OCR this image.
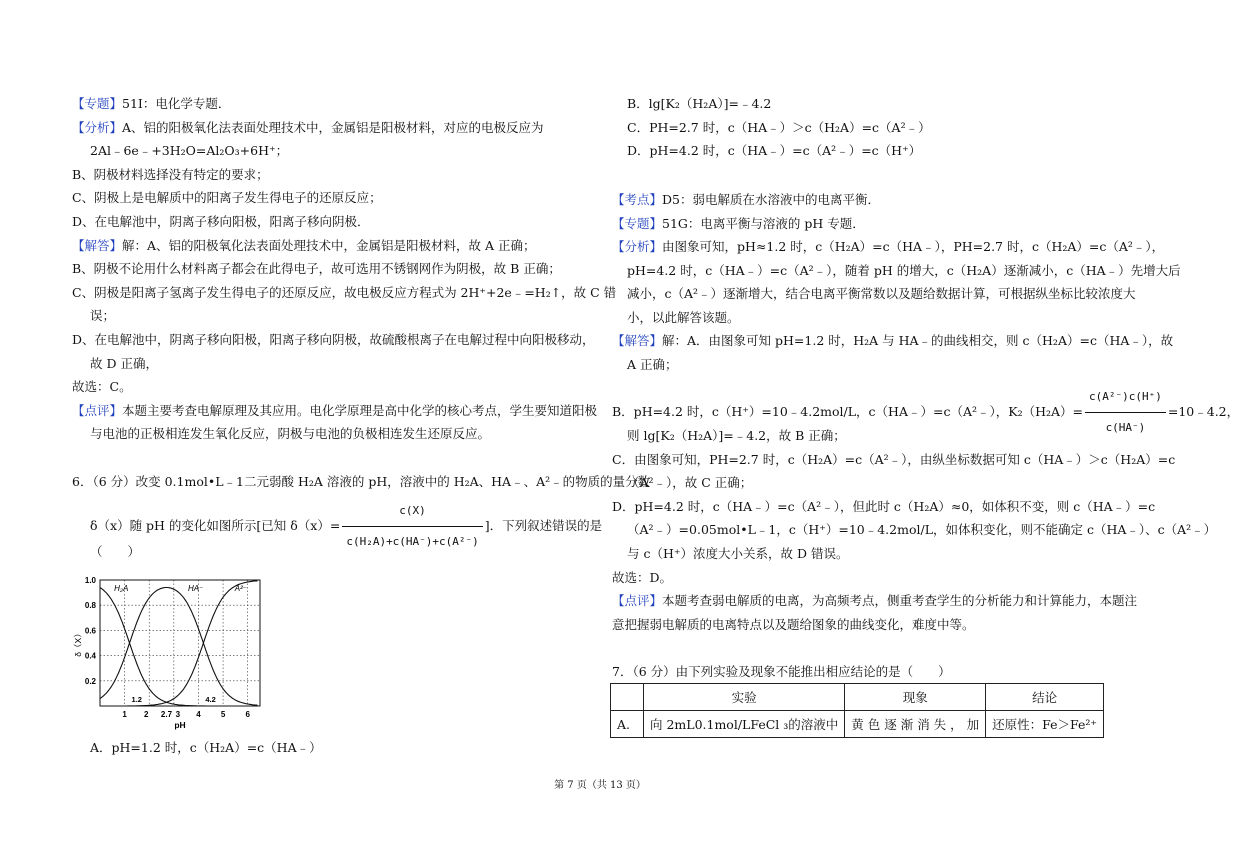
【专题】51I：电化学专题．
【分析】A、铝的阳极氧化法表面处理技术中，金属铝是阳极材料，对应的电极反应为
2Al﹣6e﹣+3H₂O=Al₂O₃+6H⁺；
B、阴极材料选择没有特定的要求；
C、阴极上是电解质中的阳离子发生得电子的还原反应；
D、在电解池中，阴离子移向阳极，阳离子移向阴极．
【解答】解：A、铝的阳极氧化法表面处理技术中，金属铝是阳极材料，故 A 正确；
B、阴极不论用什么材料离子都会在此得电子，故可选用不锈钢网作为阴极，故 B 正确；
C、阴极是阳离子氢离子发生得电子的还原反应，故电极反应方程式为 2H⁺+2e﹣=H₂↑，故 C 错
误；
D、在电解池中，阴离子移向阳极，阳离子移向阴极，故硫酸根离子在电解过程中向阳极移动，
故 D 正确，
故选：C。
【点评】本题主要考查电解原理及其应用。电化学原理是高中化学的核心考点，学生要知道阳极
与电池的正极相连发生氧化反应，阴极与电池的负极相连发生还原反应。
6．（6 分）改变 0.1mol•L﹣1二元弱酸 H₂A 溶液的 pH，溶液中的 H₂A、HA﹣、A²﹣的物质的量分数
δ（x）随 pH 的变化如图所示[已知 $\delta(x)= \frac{c(X)}{\text{c(H₂A)+c(HA⁻)+c(A²⁻)}}$ ]．下列叙述错误的是
（　　）
0.2
0.4
0.6
0.8
1.0
1 2 2.7 3 4	5	6
1.2	4.2
pH
δ（X）
H₂A	HA⁻	A²⁻
A．pH=1.2 时，c（H₂A）=c（HA﹣）
B．lg[K₂（H₂A）]=﹣4.2
C．PH=2.7 时，c（HA﹣）＞c（H₂A）=c（A²﹣）
D．pH=4.2 时，c（HA﹣）=c（A²﹣）=c（H⁺）
【考点】D5：弱电解质在水溶液中的电离平衡．
【专题】51G：电离平衡与溶液的 pH 专题．
【分析】由图象可知，pH≈1.2 时，c（H₂A）=c（HA﹣），PH=2.7 时，c（H₂A）=c（A²﹣），
pH=4.2 时，c（HA﹣）=c（A²﹣），随着 pH 的增大，c（H₂A）逐渐减小，c（HA﹣）先增大后
减小，c（A²﹣）逐渐增大，结合电离平衡常数以及题给数据计算，可根据纵坐标比较浓度大
小，以此解答该题。
【解答】解：A．由图象可知 pH=1.2 时，H₂A 与 HA﹣的曲线相交，则 c（H₂A）=c（HA﹣），故
A 正确；
B．pH=4.2 时，c（H⁺）=10﹣4.2mol/L，c（HA﹣）=c（A²﹣），$K_2(H_2A)= \frac{\text{c(A²⁻)c(H⁺)}}{c(HA^-)}$ =10﹣4.2，
则 lg[K₂（H₂A）]=﹣4.2，故 B 正确；
C．由图象可知，PH=2.7 时，c（H₂A）=c（A²﹣），由纵坐标数据可知 c（HA﹣）＞c（H₂A）=c
（A²﹣），故 C 正确；
D．pH=4.2 时，c（HA﹣）=c（A²﹣），但此时 c（H₂A）≈0，如体积不变，则 c（HA﹣）=c
（A²﹣）=0.05mol•L﹣1，c（H⁺）=10﹣4.2mol/L，如体积变化，则不能确定 c（HA﹣）、c（A²﹣）
与 c（H⁺）浓度大小关系，故 D 错误。
故选：D。
【点评】本题考查弱电解质的电离，为高频考点，侧重考查学生的分析能力和计算能力，本题注
意把握弱电解质的电离特点以及题给图象的曲线变化，难度中等。
7．（6 分）由下列实验及现象不能推出相应结论的是（　　）
	实验	现象	结论
A.	向 2mL0.1mol/LFeCl ₃的溶液中	黄 色 逐 渐 消 失 ， 加	还原性：Fe＞Fe²⁺
第 7 页（共 13 页）
